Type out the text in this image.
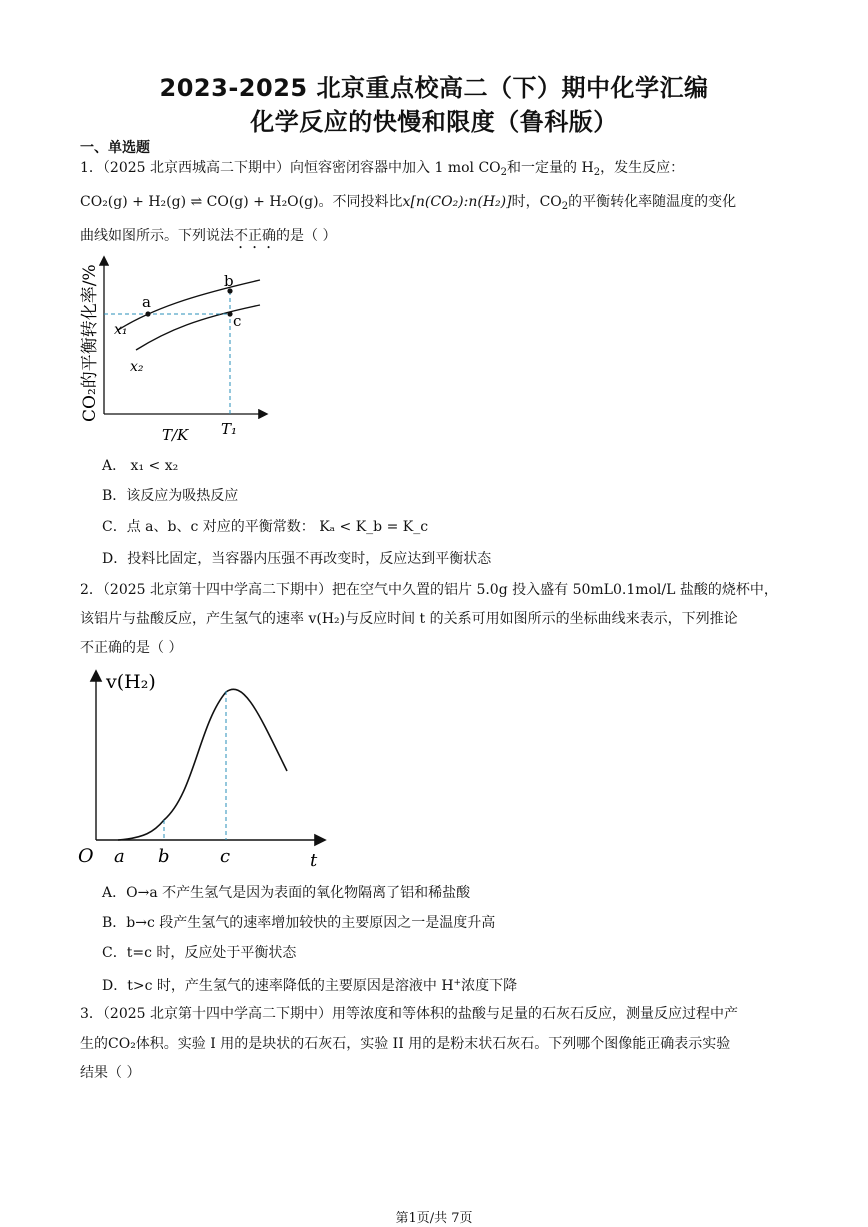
2023-2025 北京重点校高二（下）期中化学汇编
化学反应的快慢和限度（鲁科版）
一、单选题
1．（2025 北京西城高二下期中）向恒容密闭容器中加入 1 mol $CO_2$和一定量的 $H_2$，发生反应：
CO₂(g) + H₂(g) ⇌ CO(g) + H₂O(g)。不同投料比x[n(CO₂):n(H₂)]时，$CO_2$的平衡转化率随温度的变化
曲线如图所示。下列说法不正确的是（ ）
a
b
c
x₁
x₂
CO₂的平衡转化率/%
T/K T₁
A． x₁ < x₂
B．该反应为吸热反应
C．点 a、b、c 对应的平衡常数： Kₐ < K_b = K_c
D．投料比固定，当容器内压强不再改变时，反应达到平衡状态
2．（2025 北京第十四中学高二下期中）把在空气中久置的铝片 5.0g 投入盛有 50mL0.1mol/L 盐酸的烧杯中，
该铝片与盐酸反应，产生氢气的速率 v(H₂)与反应时间 t 的关系可用如图所示的坐标曲线来表示，下列推论
不正确的是（ ）
v(H₂)
O a b	c	t
A．O→a 不产生氢气是因为表面的氧化物隔离了铝和稀盐酸
B．b→c 段产生氢气的速率增加较快的主要原因之一是温度升高
C．t=c 时，反应处于平衡状态
D．t>c 时，产生氢气的速率降低的主要原因是溶液中 H+浓度下降
3．（2025 北京第十四中学高二下期中）用等浓度和等体积的盐酸与足量的石灰石反应，测量反应过程中产
生的CO₂体积。实验 I 用的是块状的石灰石，实验 II 用的是粉末状石灰石。下列哪个图像能正确表示实验
结果（ ）
第1页/共 7页
